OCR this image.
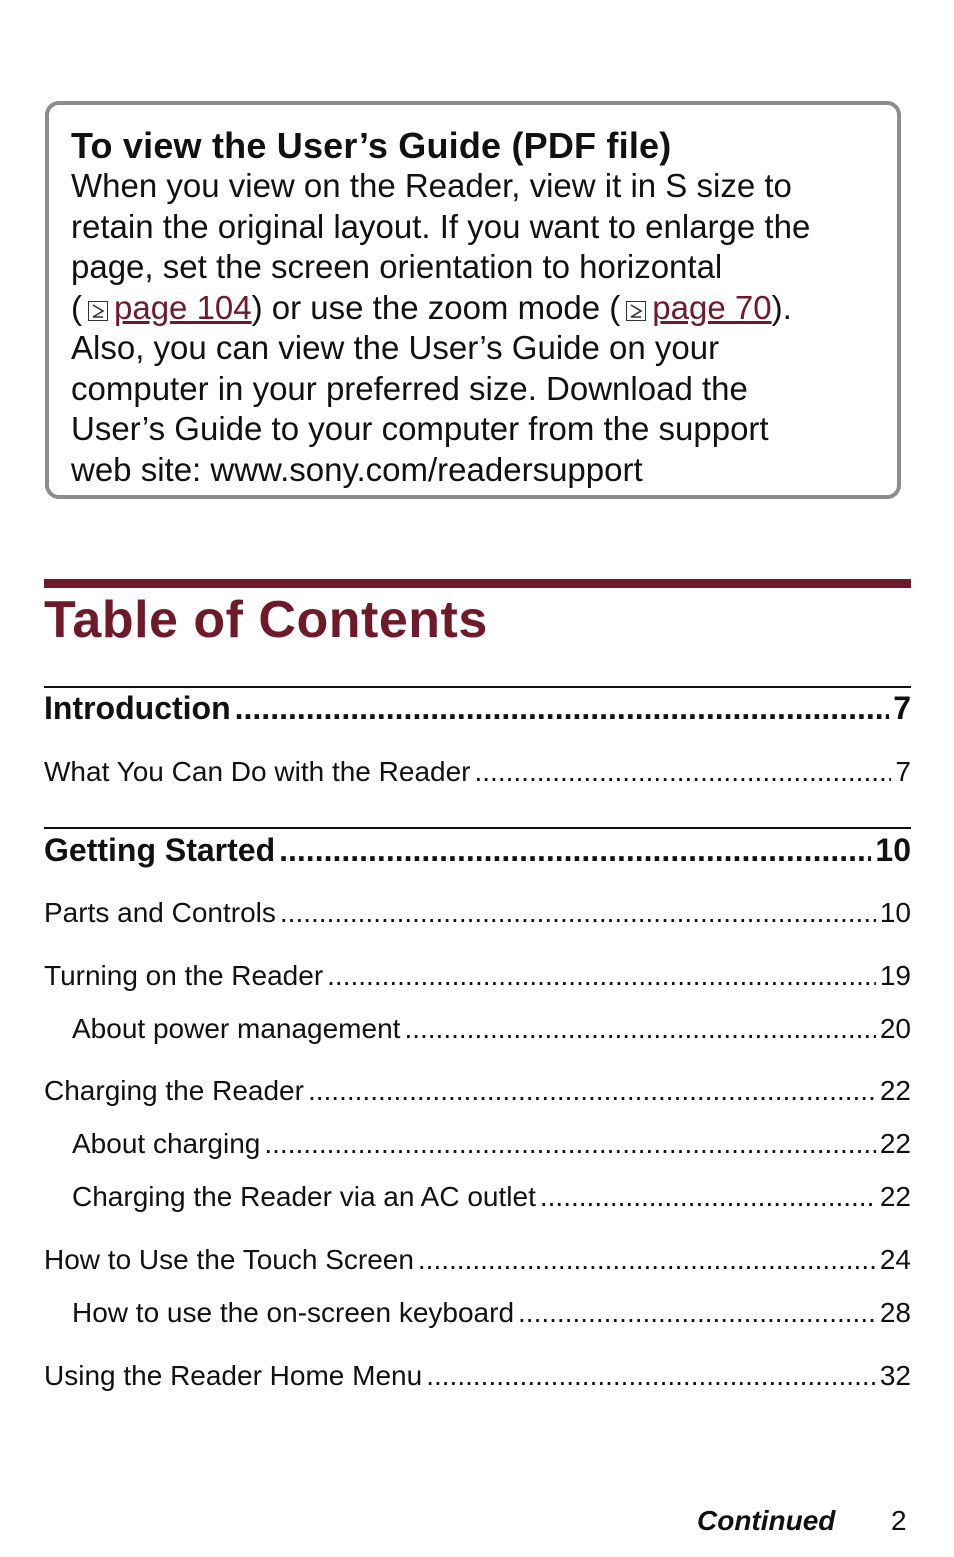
To view the User’s Guide (PDF file)

When you view on the Reader, view it in S size to
retain the original layout. If you want to enlarge the
page, set the screen orientation to horizontal
( page 104) or use the zoom mode ( page 70).
Also, you can view the User’s Guide on your
computer in your preferred size. Download the
User’s Guide to your computer from the support
web site: www.sony.com/readersupport

Table of Contents
Introduction .....	7
What You Can Do with the Reader .....	7
Getting Started .....	10
Parts and Controls .....	10
Turning on the Reader .....	19
About power management .....	20
Charging the Reader .....	22
About charging .....	22
Charging the Reader via an AC outlet .....	22
How to Use the Touch Screen .....	24
How to use the on-screen keyboard .....	28
Using the Reader Home Menu .....	32
Continued 2
